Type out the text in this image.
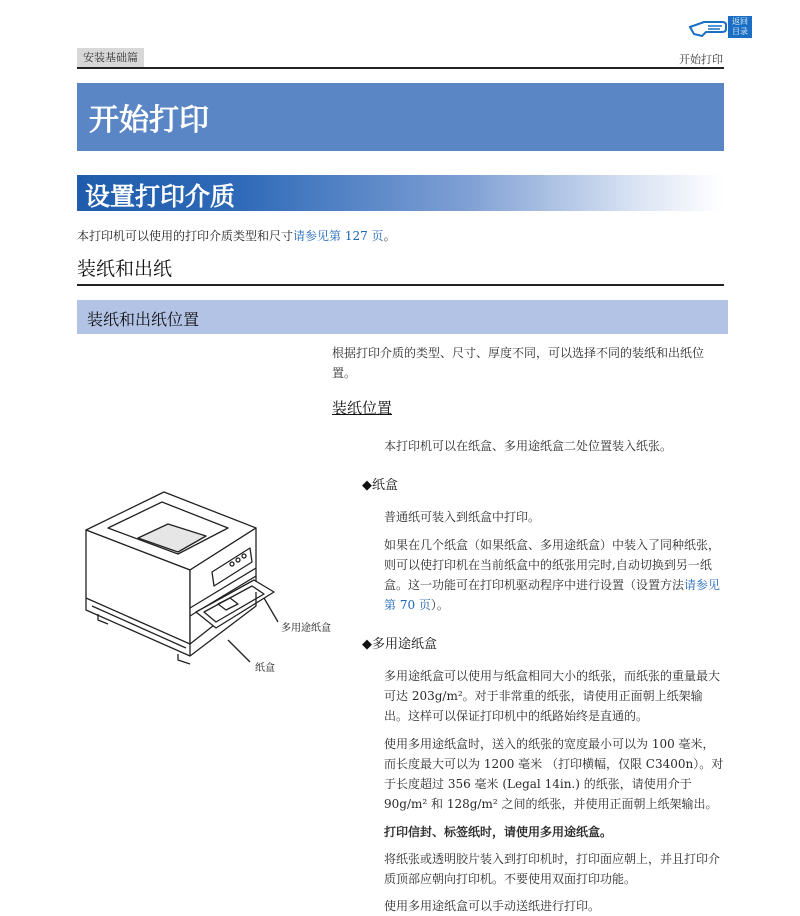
返回
目录
安装基础篇	开始打印
开始打印
设置打印介质
本打印机可以使用的打印介质类型和尺寸请参见第 127 页。
装纸和出纸
装纸和出纸位置
根据打印介质的类型、尺寸、厚度不同，可以选择不同的装纸和出纸位置。
装纸位置
本打印机可以在纸盒、多用途纸盒二处位置装入纸张。
◆纸盒
普通纸可装入到纸盒中打印。
如果在几个纸盒（如果纸盒、多用途纸盒）中装入了同种纸张，则可以使打印机在当前纸盒中的纸张用完时,自动切换到另一纸盒。这一功能可在打印机驱动程序中进行设置（设置方法请参见第 70 页）。
◆多用途纸盒
多用途纸盒可以使用与纸盒相同大小的纸张，而纸张的重量最大可达 203g/m²。对于非常重的纸张，请使用正面朝上纸架输出。这样可以保证打印机中的纸路始终是直通的。
使用多用途纸盒时，送入的纸张的宽度最小可以为 100 毫米，而长度最大可以为 1200 毫米 （打印横幅，仅限 C3400n）。对于长度超过 356 毫米 (Legal 14in.) 的纸张，请使用介于 90g/m² 和 128g/m² 之间的纸张，并使用正面朝上纸架输出。
打印信封、标签纸时，请使用多用途纸盒。
将纸张或透明胶片装入到打印机时，打印面应朝上，并且打印介质顶部应朝向打印机。不要使用双面打印功能。
使用多用途纸盒可以手动送纸进行打印。
多用途纸盒
纸盒
